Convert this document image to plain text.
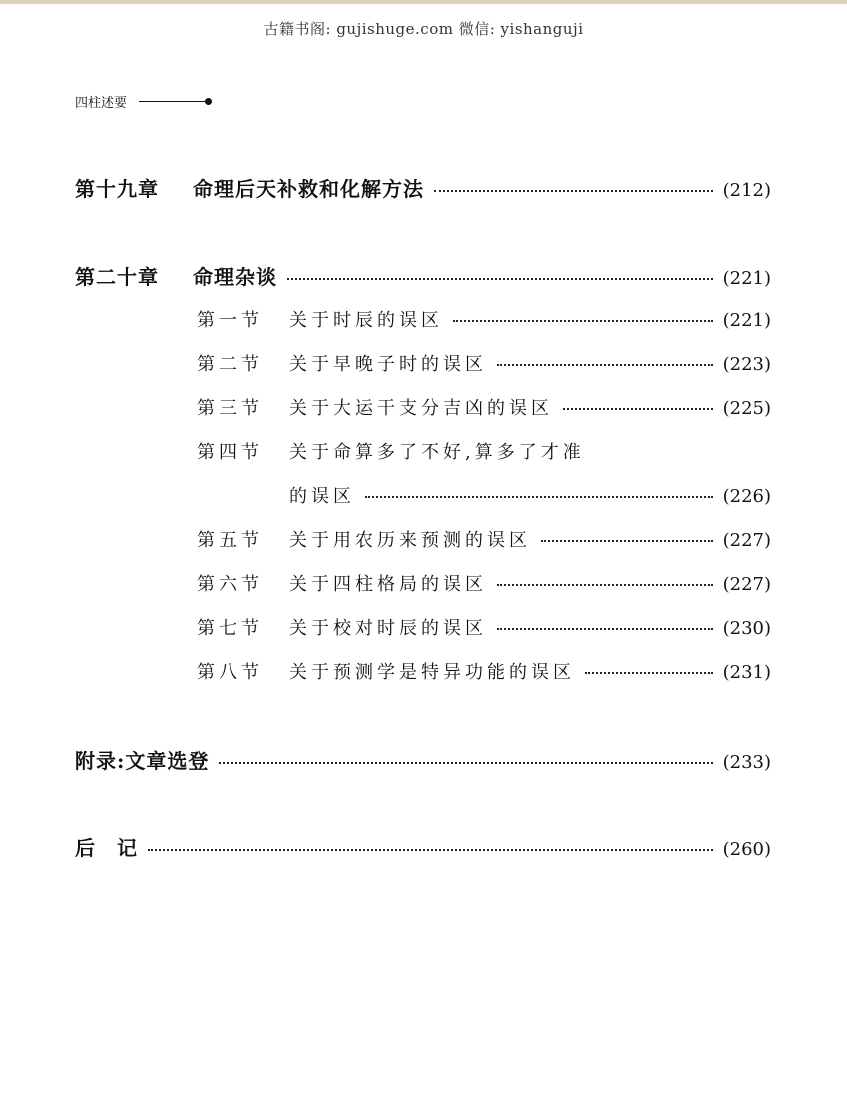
古籍书阁: gujishuge.com 微信: yishanguji
四柱述要
第十九章	命理后天补救和化解方法	(212)
第二十章	命理杂谈	(221)
第一节	关于时辰的误区	(221)
第二节	关于早晚子时的误区	(223)
第三节	关于大运干支分吉凶的误区	(225)
第四节	关于命算多了不好,算多了才准
的误区	(226)
第五节	关于用农历来预测的误区	(227)
第六节	关于四柱格局的误区	(227)
第七节	关于校对时辰的误区	(230)
第八节	关于预测学是特异功能的误区	(231)
附录:文章选登	(233)
后　记	(260)
